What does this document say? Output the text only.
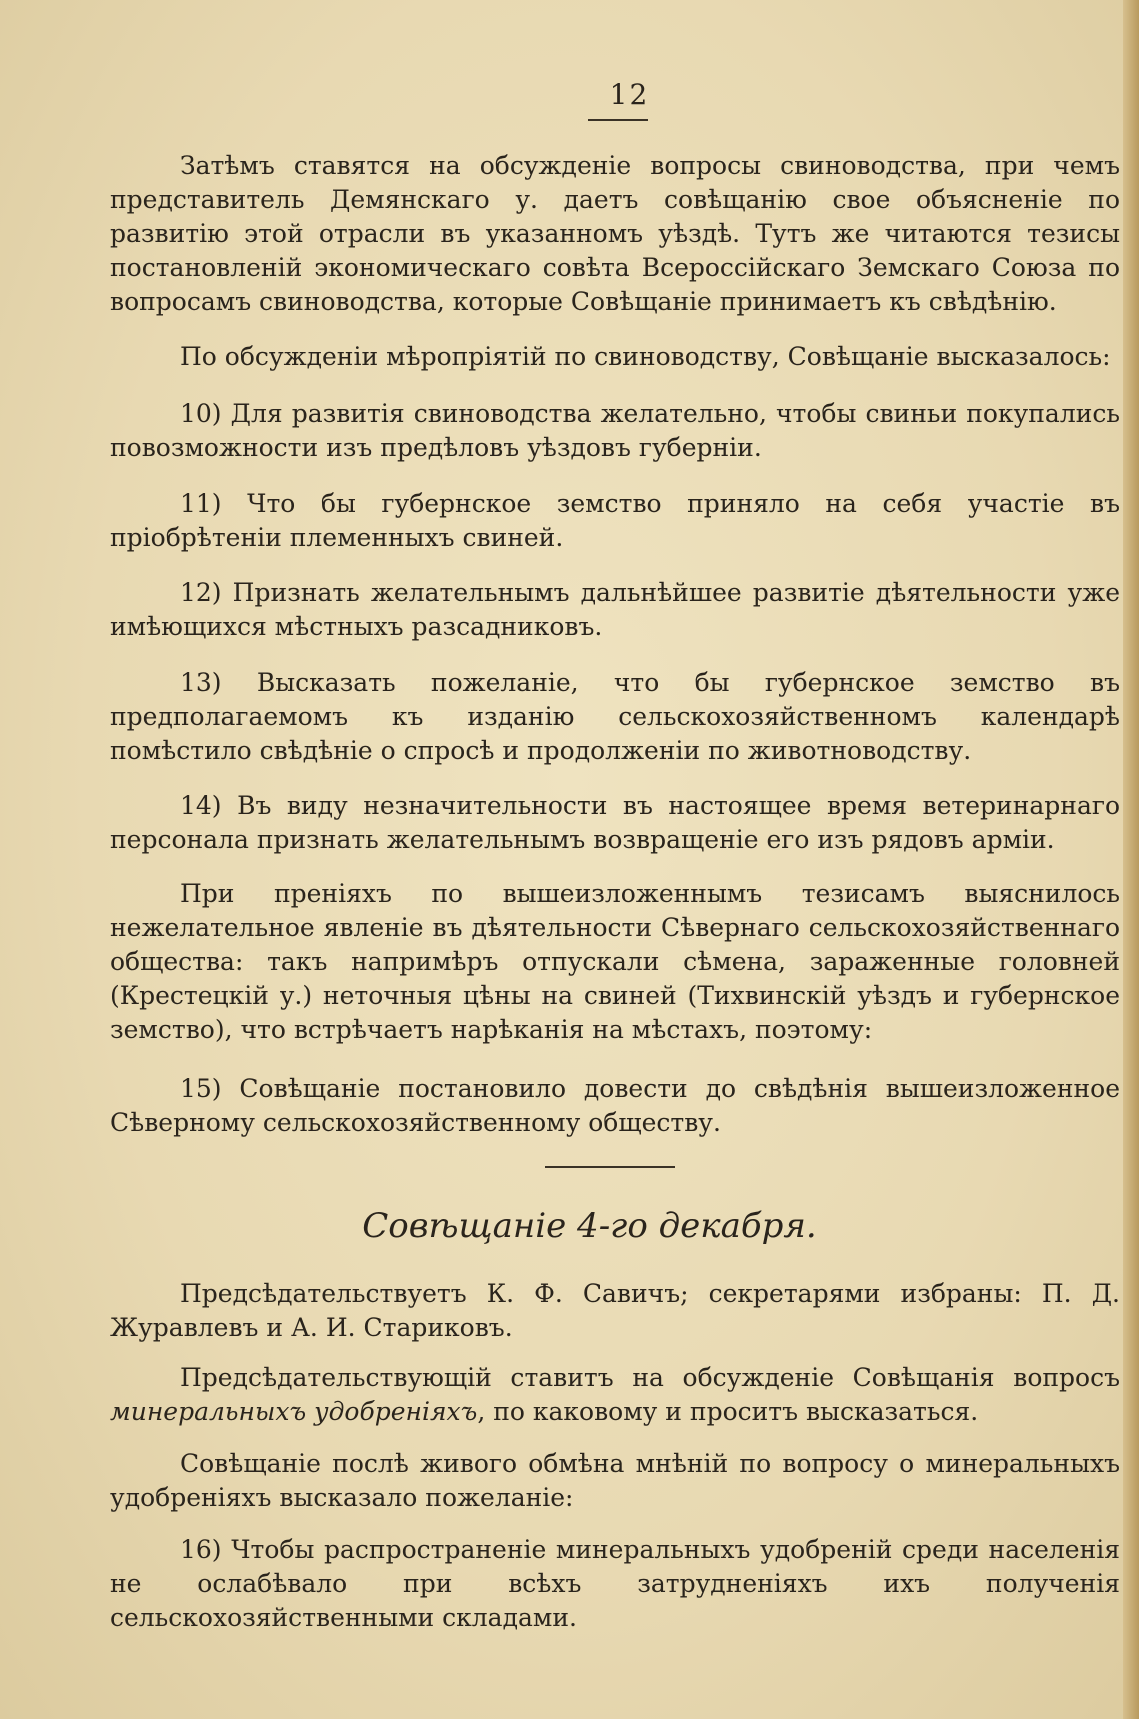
12

Затѣмъ ставятся на обсужденіе вопросы свиноводства, при чемъ представитель Демянскаго у. даетъ совѣщанію свое объясненіе по развитію этой отрасли въ указанномъ уѣздѣ. Тутъ же читаются тезисы постановленій экономическаго совѣта Всероссійскаго Земскаго Союза по вопросамъ свиноводства, которые Совѣщаніе принимаетъ къ свѣдѣнію.

По обсужденіи мѣропріятій по свиноводству, Совѣщаніе высказалось:

10) Для развитія свиноводства желательно, чтобы свиньи покупались повозможности изъ предѣловъ уѣздовъ губерніи.

11) Что бы губернское земство приняло на себя участіе въ пріобрѣтеніи племенныхъ свиней.

12) Признать желательнымъ дальнѣйшее развитіе дѣятельности уже имѣющихся мѣстныхъ разсадниковъ.

13) Высказать пожеланіе, что бы губернское земство въ предполагаемомъ къ изданію сельскохозяйственномъ календарѣ помѣстило свѣдѣніе о спросѣ и продолженіи по животноводству.

14) Въ виду незначительности въ настоящее время ветеринарнаго персонала признать желательнымъ возвращеніе его изъ рядовъ арміи.

При преніяхъ по вышеизложеннымъ тезисамъ выяснилось нежелательное явленіе въ дѣятельности Сѣвернаго сельскохозяйственнаго общества: такъ напримѣръ отпускали сѣмена, зараженные головней (Крестецкій у.) неточныя цѣны на свиней (Тихвинскій уѣздъ и губернское земство), что встрѣчаетъ нарѣканія на мѣстахъ, поэтому:

15) Совѣщаніе постановило довести до свѣдѣнія вышеизложенное Сѣверному сельскохозяйственному обществу.

Совѣщаніе 4-го декабря.

Предсѣдательствуетъ К. Ф. Савичъ; секретарями избраны: П. Д. Журавлевъ и А. И. Стариковъ.

Предсѣдательствующій ставитъ на обсужденіе Совѣщанія вопросъ минеральныхъ удобреніяхъ, по каковому и проситъ высказаться.

Совѣщаніе послѣ живого обмѣна мнѣній по вопросу о минеральныхъ удобреніяхъ высказало пожеланіе:

16) Чтобы распространеніе минеральныхъ удобреній среди населенія не ослабѣвало при всѣхъ затрудненіяхъ ихъ полученія сельскохозяйственными складами.
